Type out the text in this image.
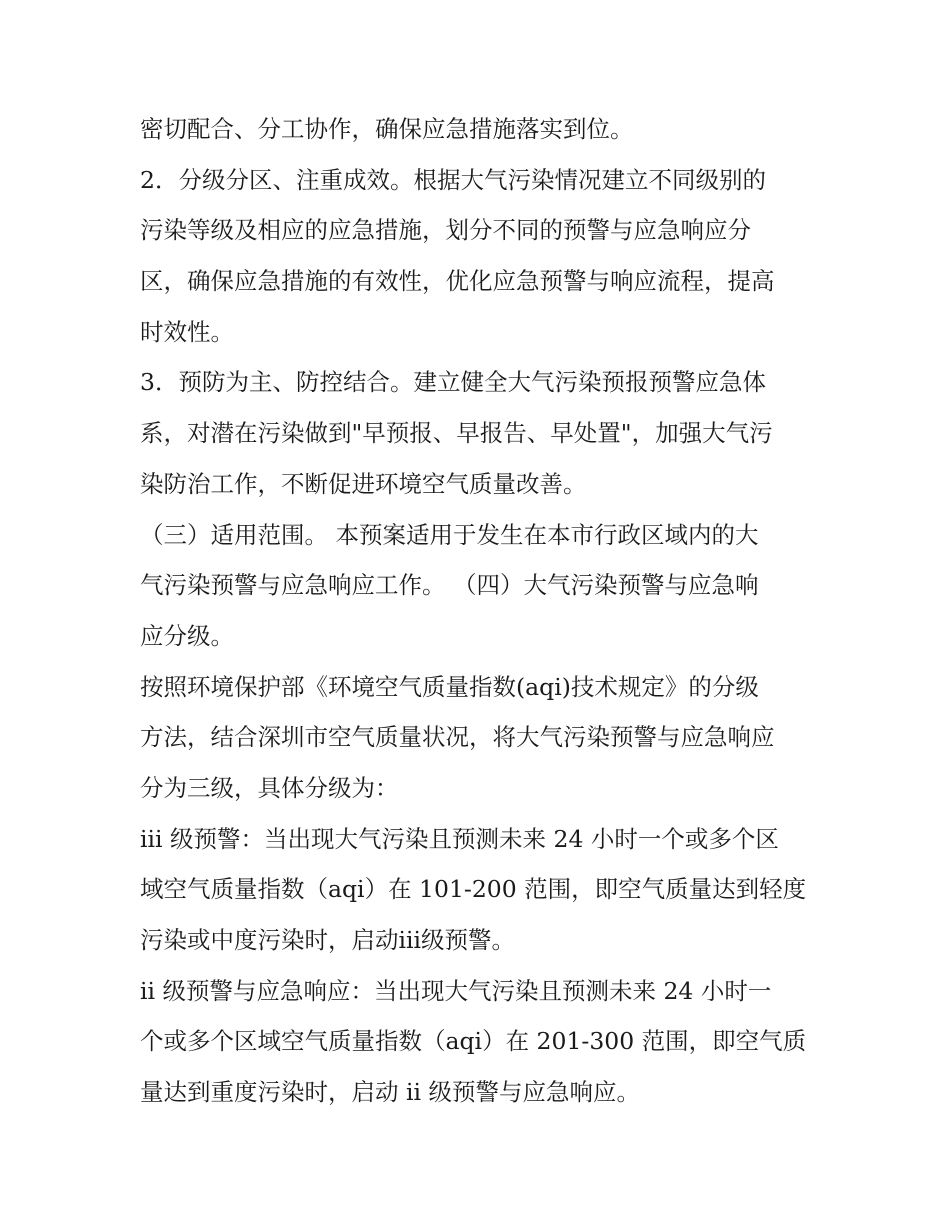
密切配合、分工协作，确保应急措施落实到位。
2．分级分区、注重成效。根据大气污染情况建立不同级别的
污染等级及相应的应急措施，划分不同的预警与应急响应分
区，确保应急措施的有效性，优化应急预警与响应流程，提高
时效性。
3．预防为主、防控结合。建立健全大气污染预报预警应急体
系，对潜在污染做到"早预报、早报告、早处置"，加强大气污
染防治工作，不断促进环境空气质量改善。
（三）适用范围。 本预案适用于发生在本市行政区域内的大
气污染预警与应急响应工作。 （四）大气污染预警与应急响
应分级。
按照环境保护部《环境空气质量指数(aqi)技术规定》的分级
方法，结合深圳市空气质量状况，将大气污染预警与应急响应
分为三级，具体分级为：
iii 级预警：当出现大气污染且预测未来 24 小时一个或多个区
域空气质量指数（aqi）在 101-200 范围，即空气质量达到轻度
污染或中度污染时，启动iii级预警。
ii 级预警与应急响应：当出现大气污染且预测未来 24 小时一
个或多个区域空气质量指数（aqi）在 201-300 范围，即空气质
量达到重度污染时，启动 ii 级预警与应急响应。
